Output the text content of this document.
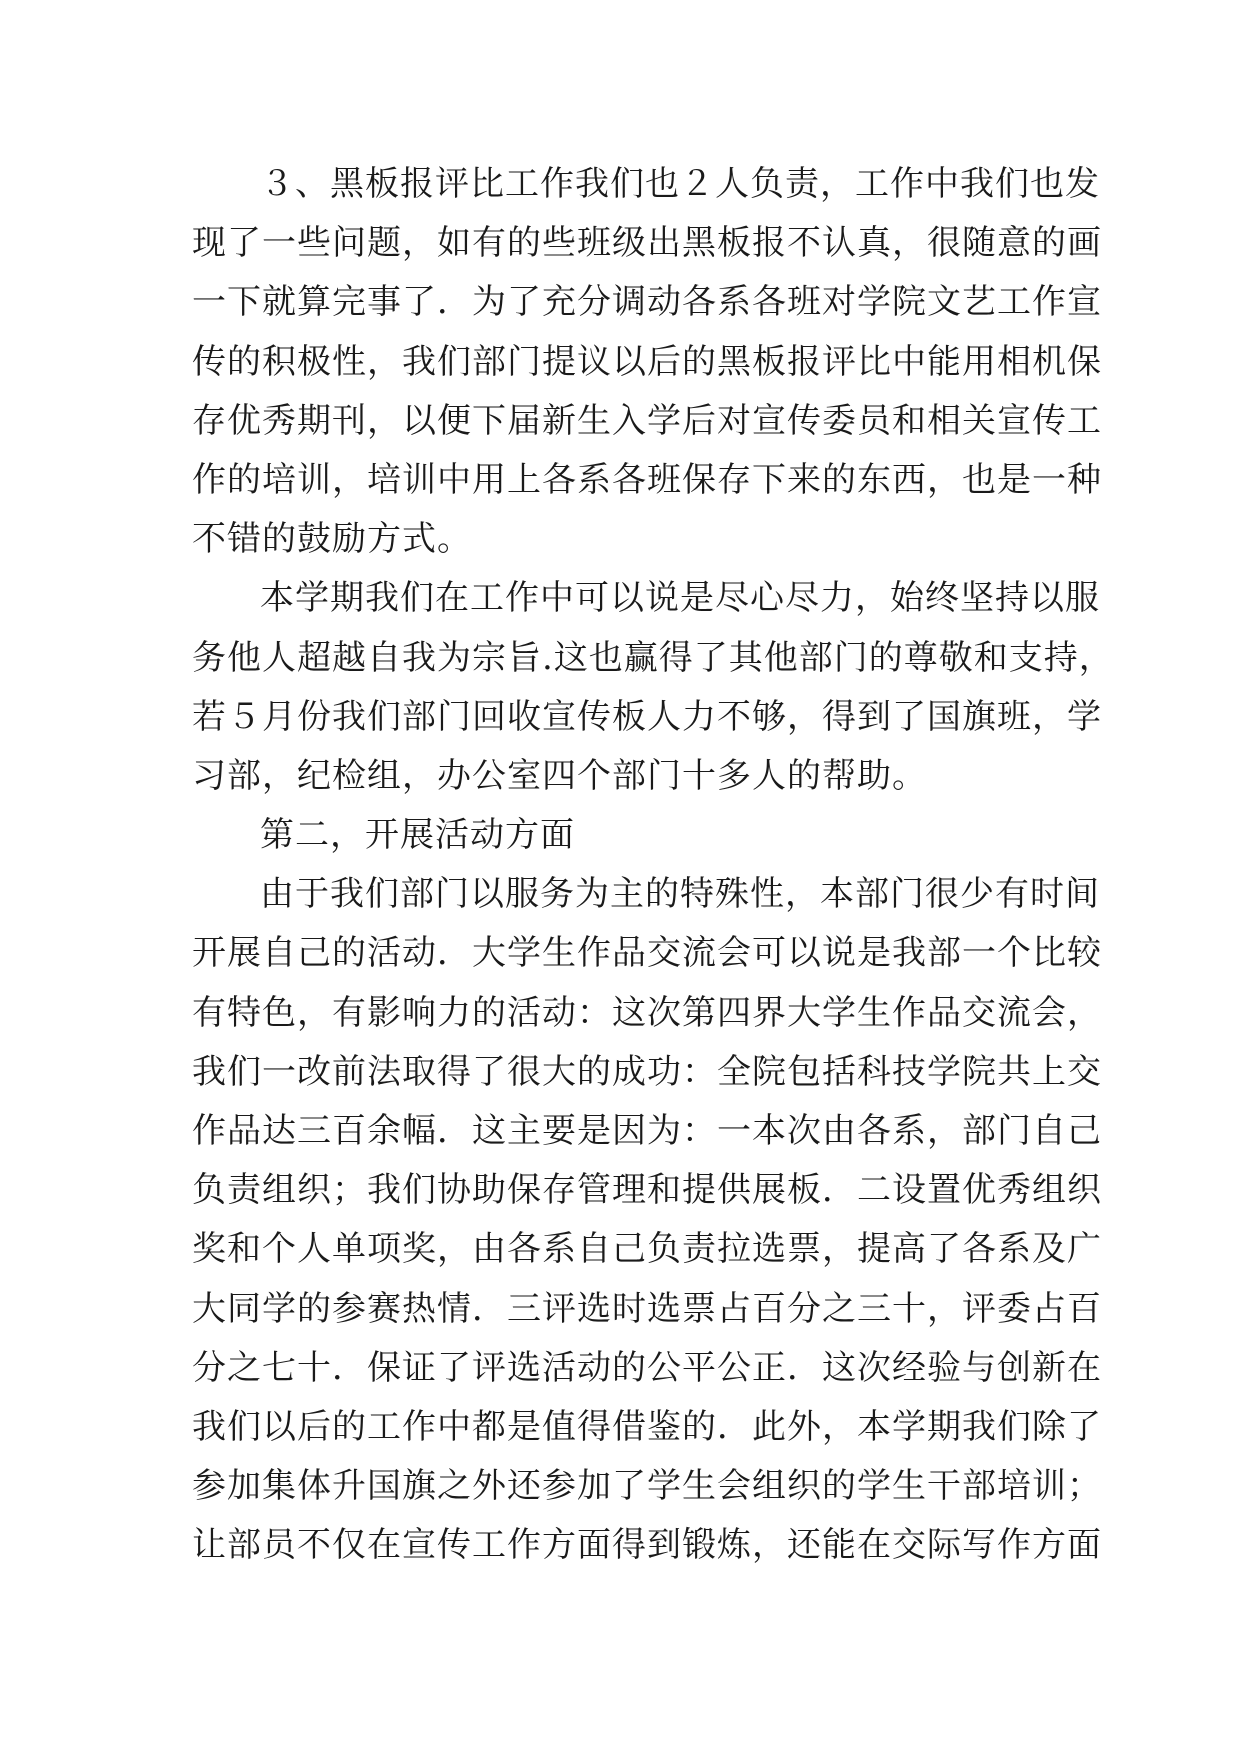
３、黑板报评比工作我们也２人负责，工作中我们也发
现了一些问题，如有的些班级出黑板报不认真，很随意的画
一下就算完事了．为了充分调动各系各班对学院文艺工作宣
传的积极性，我们部门提议以后的黑板报评比中能用相机保
存优秀期刊，以便下届新生入学后对宣传委员和相关宣传工
作的培训，培训中用上各系各班保存下来的东西，也是一种
不错的鼓励方式。
本学期我们在工作中可以说是尽心尽力，始终坚持以服
务他人超越自我为宗旨.这也赢得了其他部门的尊敬和支持，
若５月份我们部门回收宣传板人力不够，得到了国旗班，学
习部，纪检组，办公室四个部门十多人的帮助。
第二，开展活动方面
由于我们部门以服务为主的特殊性，本部门很少有时间
开展自己的活动．大学生作品交流会可以说是我部一个比较
有特色，有影响力的活动：这次第四界大学生作品交流会，
我们一改前法取得了很大的成功：全院包括科技学院共上交
作品达三百余幅．这主要是因为：一本次由各系，部门自己
负责组织；我们协助保存管理和提供展板．二设置优秀组织
奖和个人单项奖，由各系自己负责拉选票，提高了各系及广
大同学的参赛热情．三评选时选票占百分之三十，评委占百
分之七十．保证了评选活动的公平公正．这次经验与创新在
我们以后的工作中都是值得借鉴的．此外，本学期我们除了
参加集体升国旗之外还参加了学生会组织的学生干部培训；
让部员不仅在宣传工作方面得到锻炼，还能在交际写作方面
